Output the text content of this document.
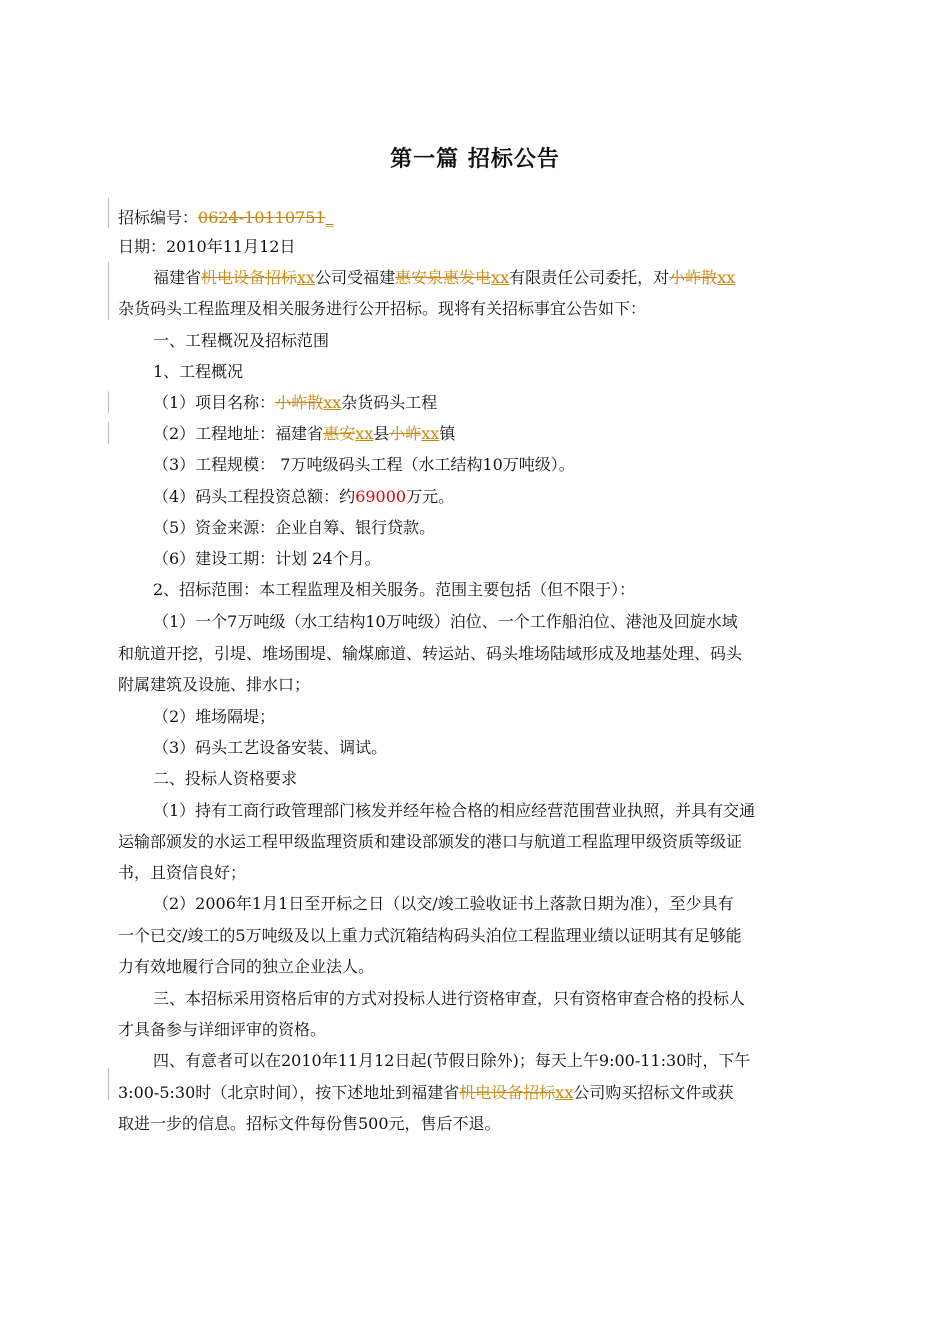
第一篇 招标公告
招标编号：0624-10110751_
日期：2010年11月12日
福建省机电设备招标xx公司受福建惠安泉惠发电xx有限责任公司委托，对小岞散xx
杂货码头工程监理及相关服务进行公开招标。现将有关招标事宜公告如下：
一、工程概况及招标范围
1、工程概况
（1）项目名称：小岞散xx杂货码头工程
（2）工程地址：福建省惠安xx县小岞xx镇
（3）工程规模： 7万吨级码头工程（水工结构10万吨级）。
（4）码头工程投资总额：约69000万元。
（5）资金来源：企业自筹、银行贷款。
（6）建设工期：计划 24个月。
2、招标范围：本工程监理及相关服务。范围主要包括（但不限于）：
（1）一个7万吨级（水工结构10万吨级）泊位、一个工作船泊位、港池及回旋水域
和航道开挖，引堤、堆场围堤、输煤廊道、转运站、码头堆场陆域形成及地基处理、码头
附属建筑及设施、排水口；
（2）堆场隔堤；
（3）码头工艺设备安装、调试。
二、投标人资格要求
（1）持有工商行政管理部门核发并经年检合格的相应经营范围营业执照，并具有交通
运输部颁发的水运工程甲级监理资质和建设部颁发的港口与航道工程监理甲级资质等级证
书，且资信良好；
（2）2006年1月1日至开标之日（以交/竣工验收证书上落款日期为准），至少具有
一个已交/竣工的5万吨级及以上重力式沉箱结构码头泊位工程监理业绩以证明其有足够能
力有效地履行合同的独立企业法人。
三、本招标采用资格后审的方式对投标人进行资格审查，只有资格审查合格的投标人
才具备参与详细评审的资格。
四、有意者可以在2010年11月12日起(节假日除外)；每天上午9:00-11:30时，下午
3:00-5:30时（北京时间），按下述地址到福建省机电设备招标xx公司购买招标文件或获
取进一步的信息。招标文件每份售500元，售后不退。
